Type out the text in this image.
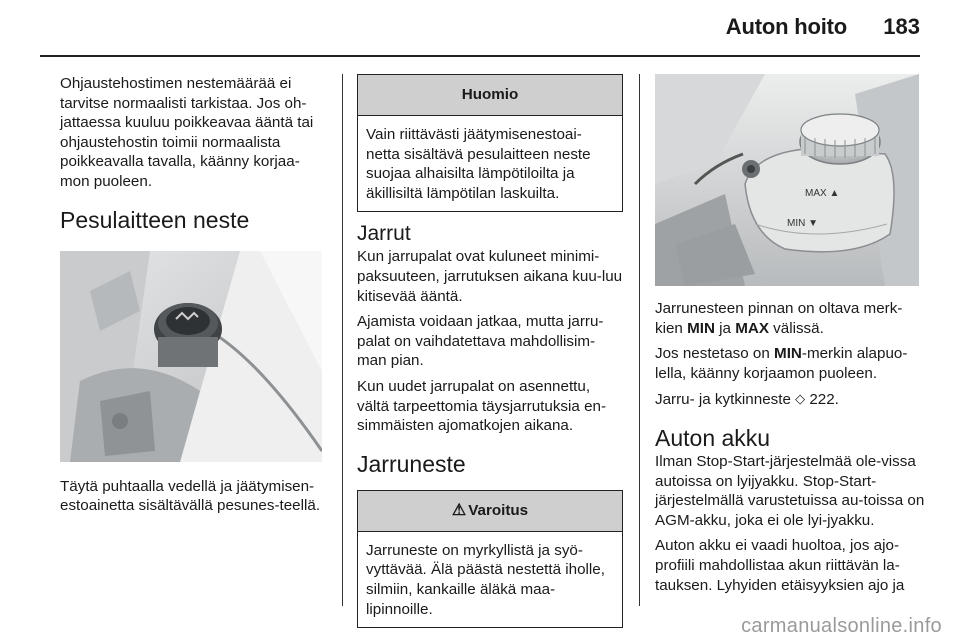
Auton hoito 183

Ohjaustehostimen nestemäärää ei tarvitse normaalisti tarkistaa. Jos oh-jattaessa kuuluu poikkeavaa ääntä tai ohjaustehostin toimii normaalista poikkeavalla tavalla, käänny korjaa-mon puoleen.

Pesulaitteen neste

Täytä puhtaalla vedellä ja jäätymisen-estoainetta sisältävällä pesunes-teellä.

Huomio
Vain riittävästi jäätymisenestoai-netta sisältävä pesulaitteen neste suojaa alhaisilta lämpötiloilta ja äkillisiltä lämpötilan laskuilta.
Jarrut

Kun jarrupalat ovat kuluneet minimi-paksuuteen, jarrutuksen aikana kuu-luu kitisevää ääntä.

Ajamista voidaan jatkaa, mutta jarru-palat on vaihdatettava mahdollisim-man pian.

Kun uudet jarrupalat on asennettu, vältä tarpeettomia täysjarrutuksia en-simmäisten ajomatkojen aikana.

Jarruneste
⚠ Varoitus
Jarruneste on myrkyllistä ja syö-vyttävää. Älä päästä nestettä iholle, silmiin, kankaille äläkä maa-lipinnoille.
MAX ▲
MIN ▼

Jarrunesteen pinnan on oltava merk-kien MIN ja MAX välissä.

Jos nestetaso on MIN-merkin alapuo-lella, käänny korjaamon puoleen.

Jarru- ja kytkinneste ◇ 222.

Auton akku

Ilman Stop-Start-järjestelmää ole-vissa autoissa on lyijyakku. Stop-Start-järjestelmällä varustetuissa au-toissa on AGM-akku, joka ei ole lyi-jyakku.

Auton akku ei vaadi huoltoa, jos ajo-profiili mahdollistaa akun riittävän la-tauksen. Lyhyiden etäisyyksien ajo ja

carmanualsonline.info
